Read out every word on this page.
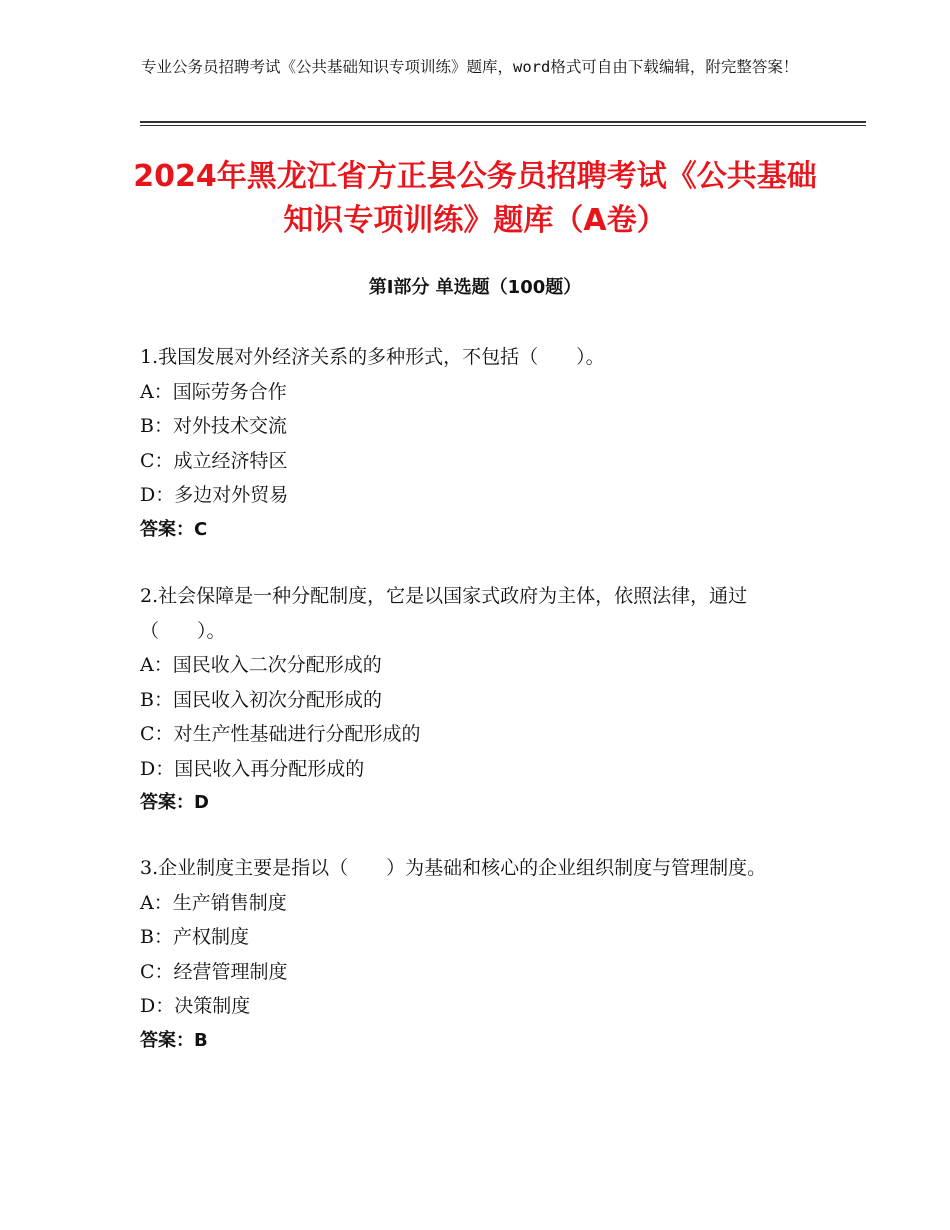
专业公务员招聘考试《公共基础知识专项训练》题库，word格式可自由下载编辑，附完整答案！
2024年黑龙江省方正县公务员招聘考试《公共基础知识专项训练》题库（A卷）
第Ⅰ部分 单选题（100题）
1.我国发展对外经济关系的多种形式，不包括（　　）。
A：国际劳务合作
B：对外技术交流
C：成立经济特区
D：多边对外贸易
答案：C
2.社会保障是一种分配制度，它是以国家式政府为主体，依照法律，通过（　　）。
A：国民收入二次分配形成的
B：国民收入初次分配形成的
C：对生产性基础进行分配形成的
D：国民收入再分配形成的
答案：D
3.企业制度主要是指以（　　）为基础和核心的企业组织制度与管理制度。
A：生产销售制度
B：产权制度
C：经营管理制度
D：决策制度
答案：B
